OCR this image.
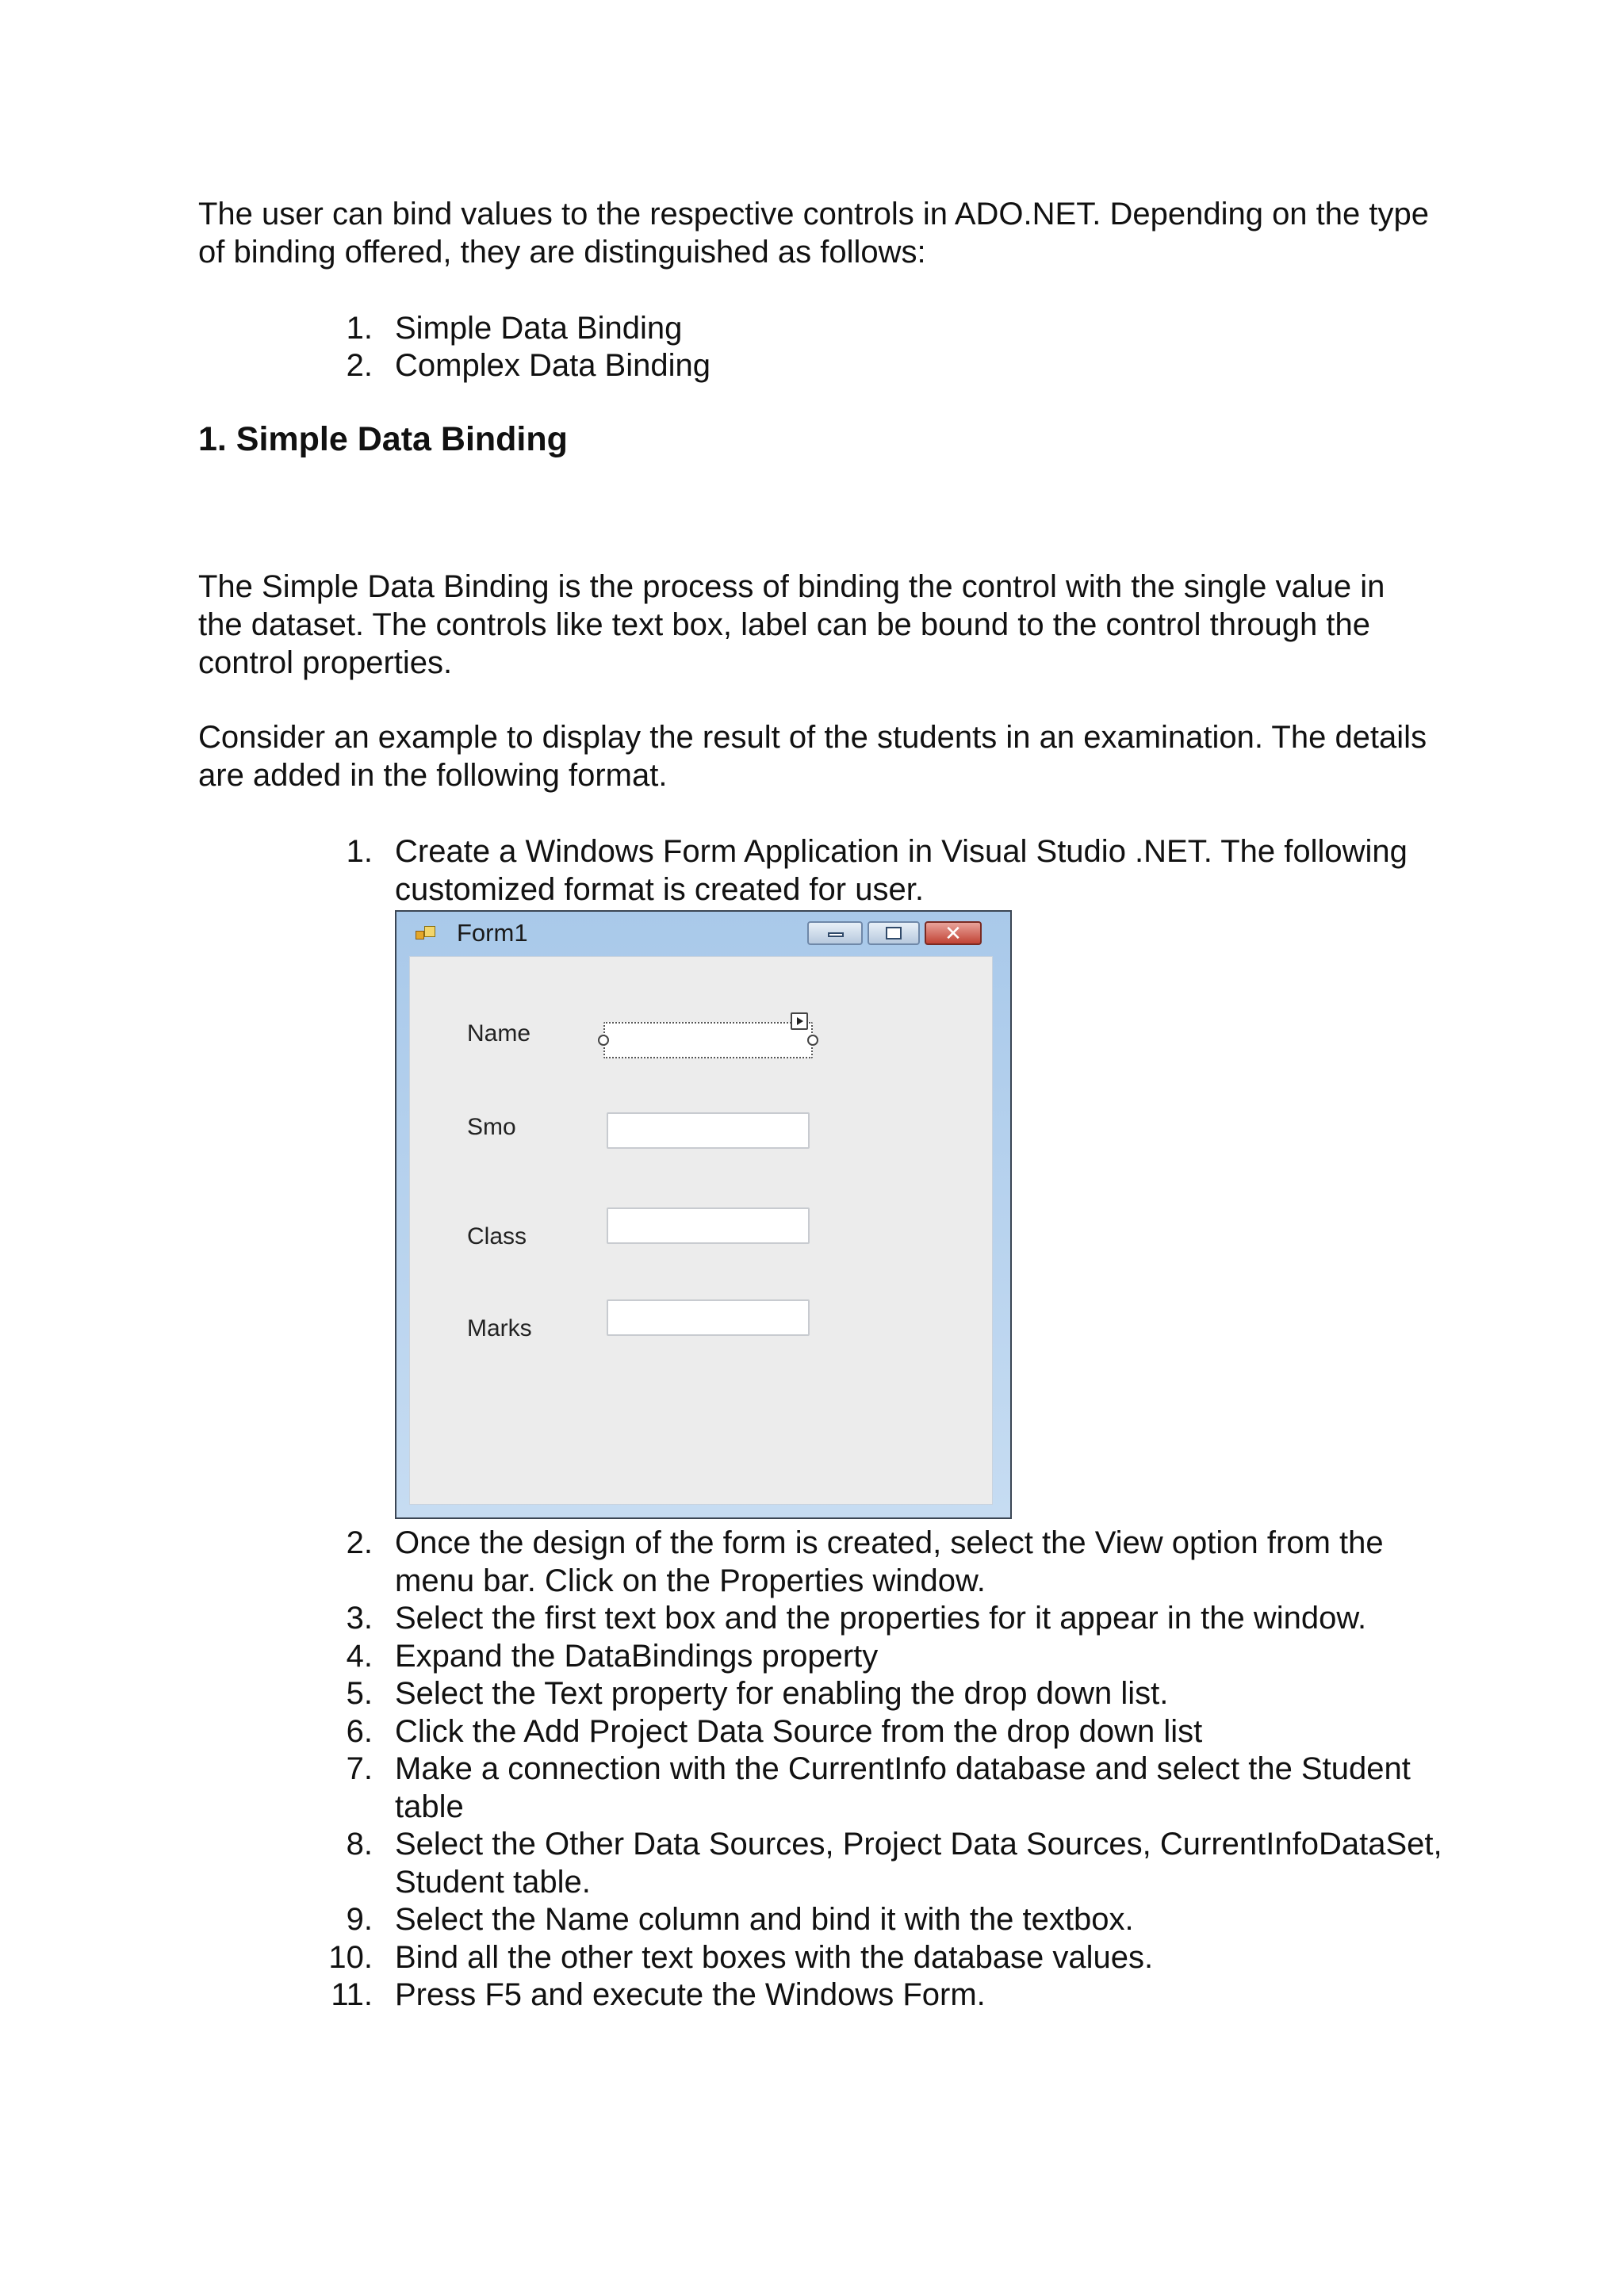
The user can bind values to the respective controls in ADO.NET. Depending on the type of binding offered, they are distinguished as follows:

1. Simple Data Binding
2. Complex Data Binding
1. Simple Data Binding

The Simple Data Binding is the process of binding the control with the single value in the dataset. The controls like text box, label can be bound to the control through the control properties.

Consider an example to display the result of the students in an examination. The details are added in the following format.

1. Create a Windows Form Application in Visual Studio .NET. The following customized format is created for user.
Form1	✕
Name
Smo
Class
Marks
2. Once the design of the form is created, select the View option from the menu bar. Click on the Properties window.
3. Select the first text box and the properties for it appear in the window.
4. Expand the DataBindings property
5. Select the Text property for enabling the drop down list.
6. Click the Add Project Data Source from the drop down list
7. Make a connection with the CurrentInfo database and select the Student table
8. Select the Other Data Sources, Project Data Sources, CurrentInfoDataSet, Student table.
9. Select the Name column and bind it with the textbox.
10. Bind all the other text boxes with the database values.
11. Press F5 and execute the Windows Form.
